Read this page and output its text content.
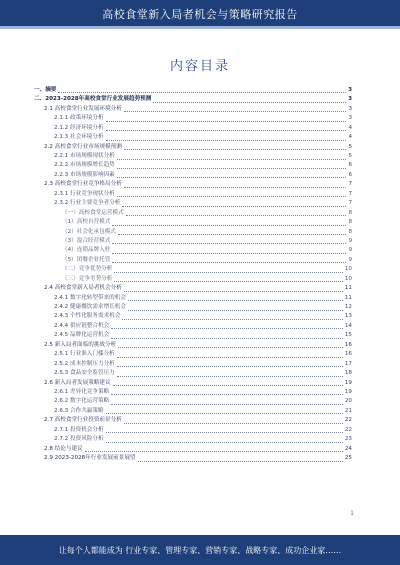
高校食堂新入局者机会与策略研究报告
内容目录
一、摘要	3
二、2023-2028年高校食堂行业发展趋势预测	3
2.1 高校食堂行业发展环境分析	3
2.1.1 政策环境分析	3
2.1.2 经济环境分析	4
2.1.3 社会环境分析	4
2.2 高校食堂行业市场规模预测	5
2.2.1 市场规模现状分析	5
2.2.2 市场规模增长趋势	6
2.2.3 市场规模影响因素	6
2.3 高校食堂行业竞争格局分析	7
2.3.1 行业竞争现状分析	7
2.3.2 行业主要竞争者分析	7
（一）高校食堂运营模式	8
（1）高校自营模式	8
（2）社会化承包模式	8
（3）混合经营模式	9
（4）连锁品牌入驻	9
（5）团餐企业托管	9
（二）竞争优势分析	10
（三）竞争劣势分析	10
2.4 高校食堂新入局者机会分析	11
2.4.1 数字化转型带来的机会	11
2.4.2 健康餐饮需求增长机会	12
2.4.3 个性化服务需求机会	13
2.4.4 供应链整合机会	14
2.4.5 品牌化运营机会	15
2.5 新入局者面临的挑战分析	16
2.5.1 行业准入门槛分析	16
2.5.2 成本控制压力分析	17
2.5.3 食品安全监管压力	18
2.6 新入局者发展策略建议	19
2.6.1 差异化竞争策略	19
2.6.2 数字化运营策略	20
2.6.3 合作共赢策略	21
2.7 高校食堂行业投资前景分析	22
2.7.1 投资机会分析	22
2.7.2 投资风险分析	23
2.8 结论与建议	24
2.9 2023-2028年行业发展前景展望	25
1
让每个人都能成为 行业专家、管理专家、营销专家、战略专家、成功企业家……
